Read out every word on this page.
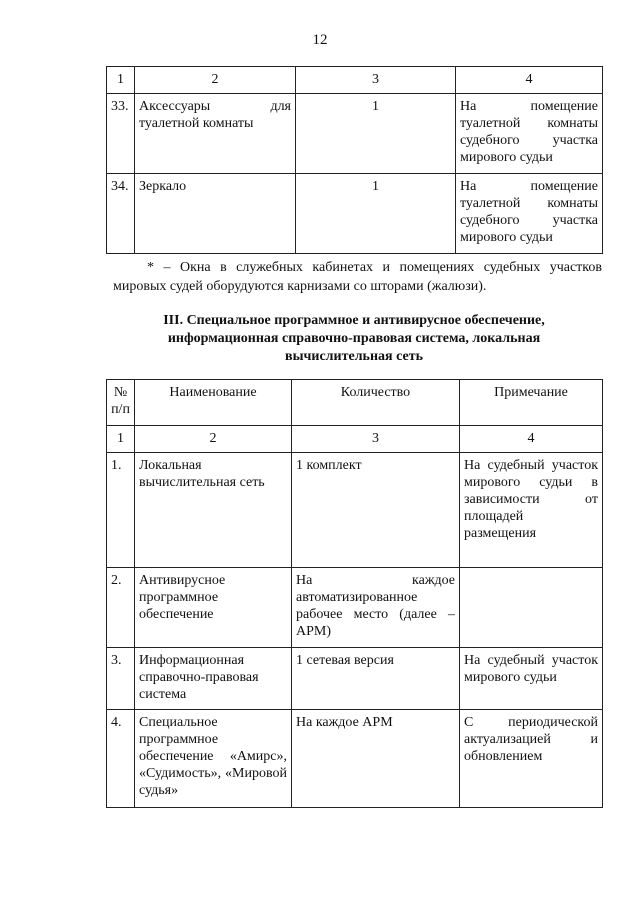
12
1	2	3	4
33.	Аксессуары для туалетной комнаты	1	На помещение туалетной комнаты судебного участка мирового судьи
34.	Зеркало	1	На помещение туалетной комнаты судебного участка мирового судьи
* – Окна в служебных кабинетах и помещениях судебных участков мировых судей оборудуются карнизами со шторами (жалюзи).
III. Специальное программное и антивирусное обеспечение,
информационная справочно-правовая система, локальная
вычислительная сеть
№ п/п	Наименование	Количество	Примечание
1	2	3	4
1.	Локальная вычислительная сеть	1 комплект	На судебный участок мирового судьи в зависимости от площадей размещения
2.	Антивирусное программное обеспечение	На каждое автоматизированное рабочее место (далее – АРМ)	
3.	Информационная справочно-правовая система	1 сетевая версия	На судебный участок мирового судьи
4.	Специальное программное обеспечение «Амирс», «Судимость», «Мировой судья»	На каждое АРМ	С периодической актуализацией и обновлением
